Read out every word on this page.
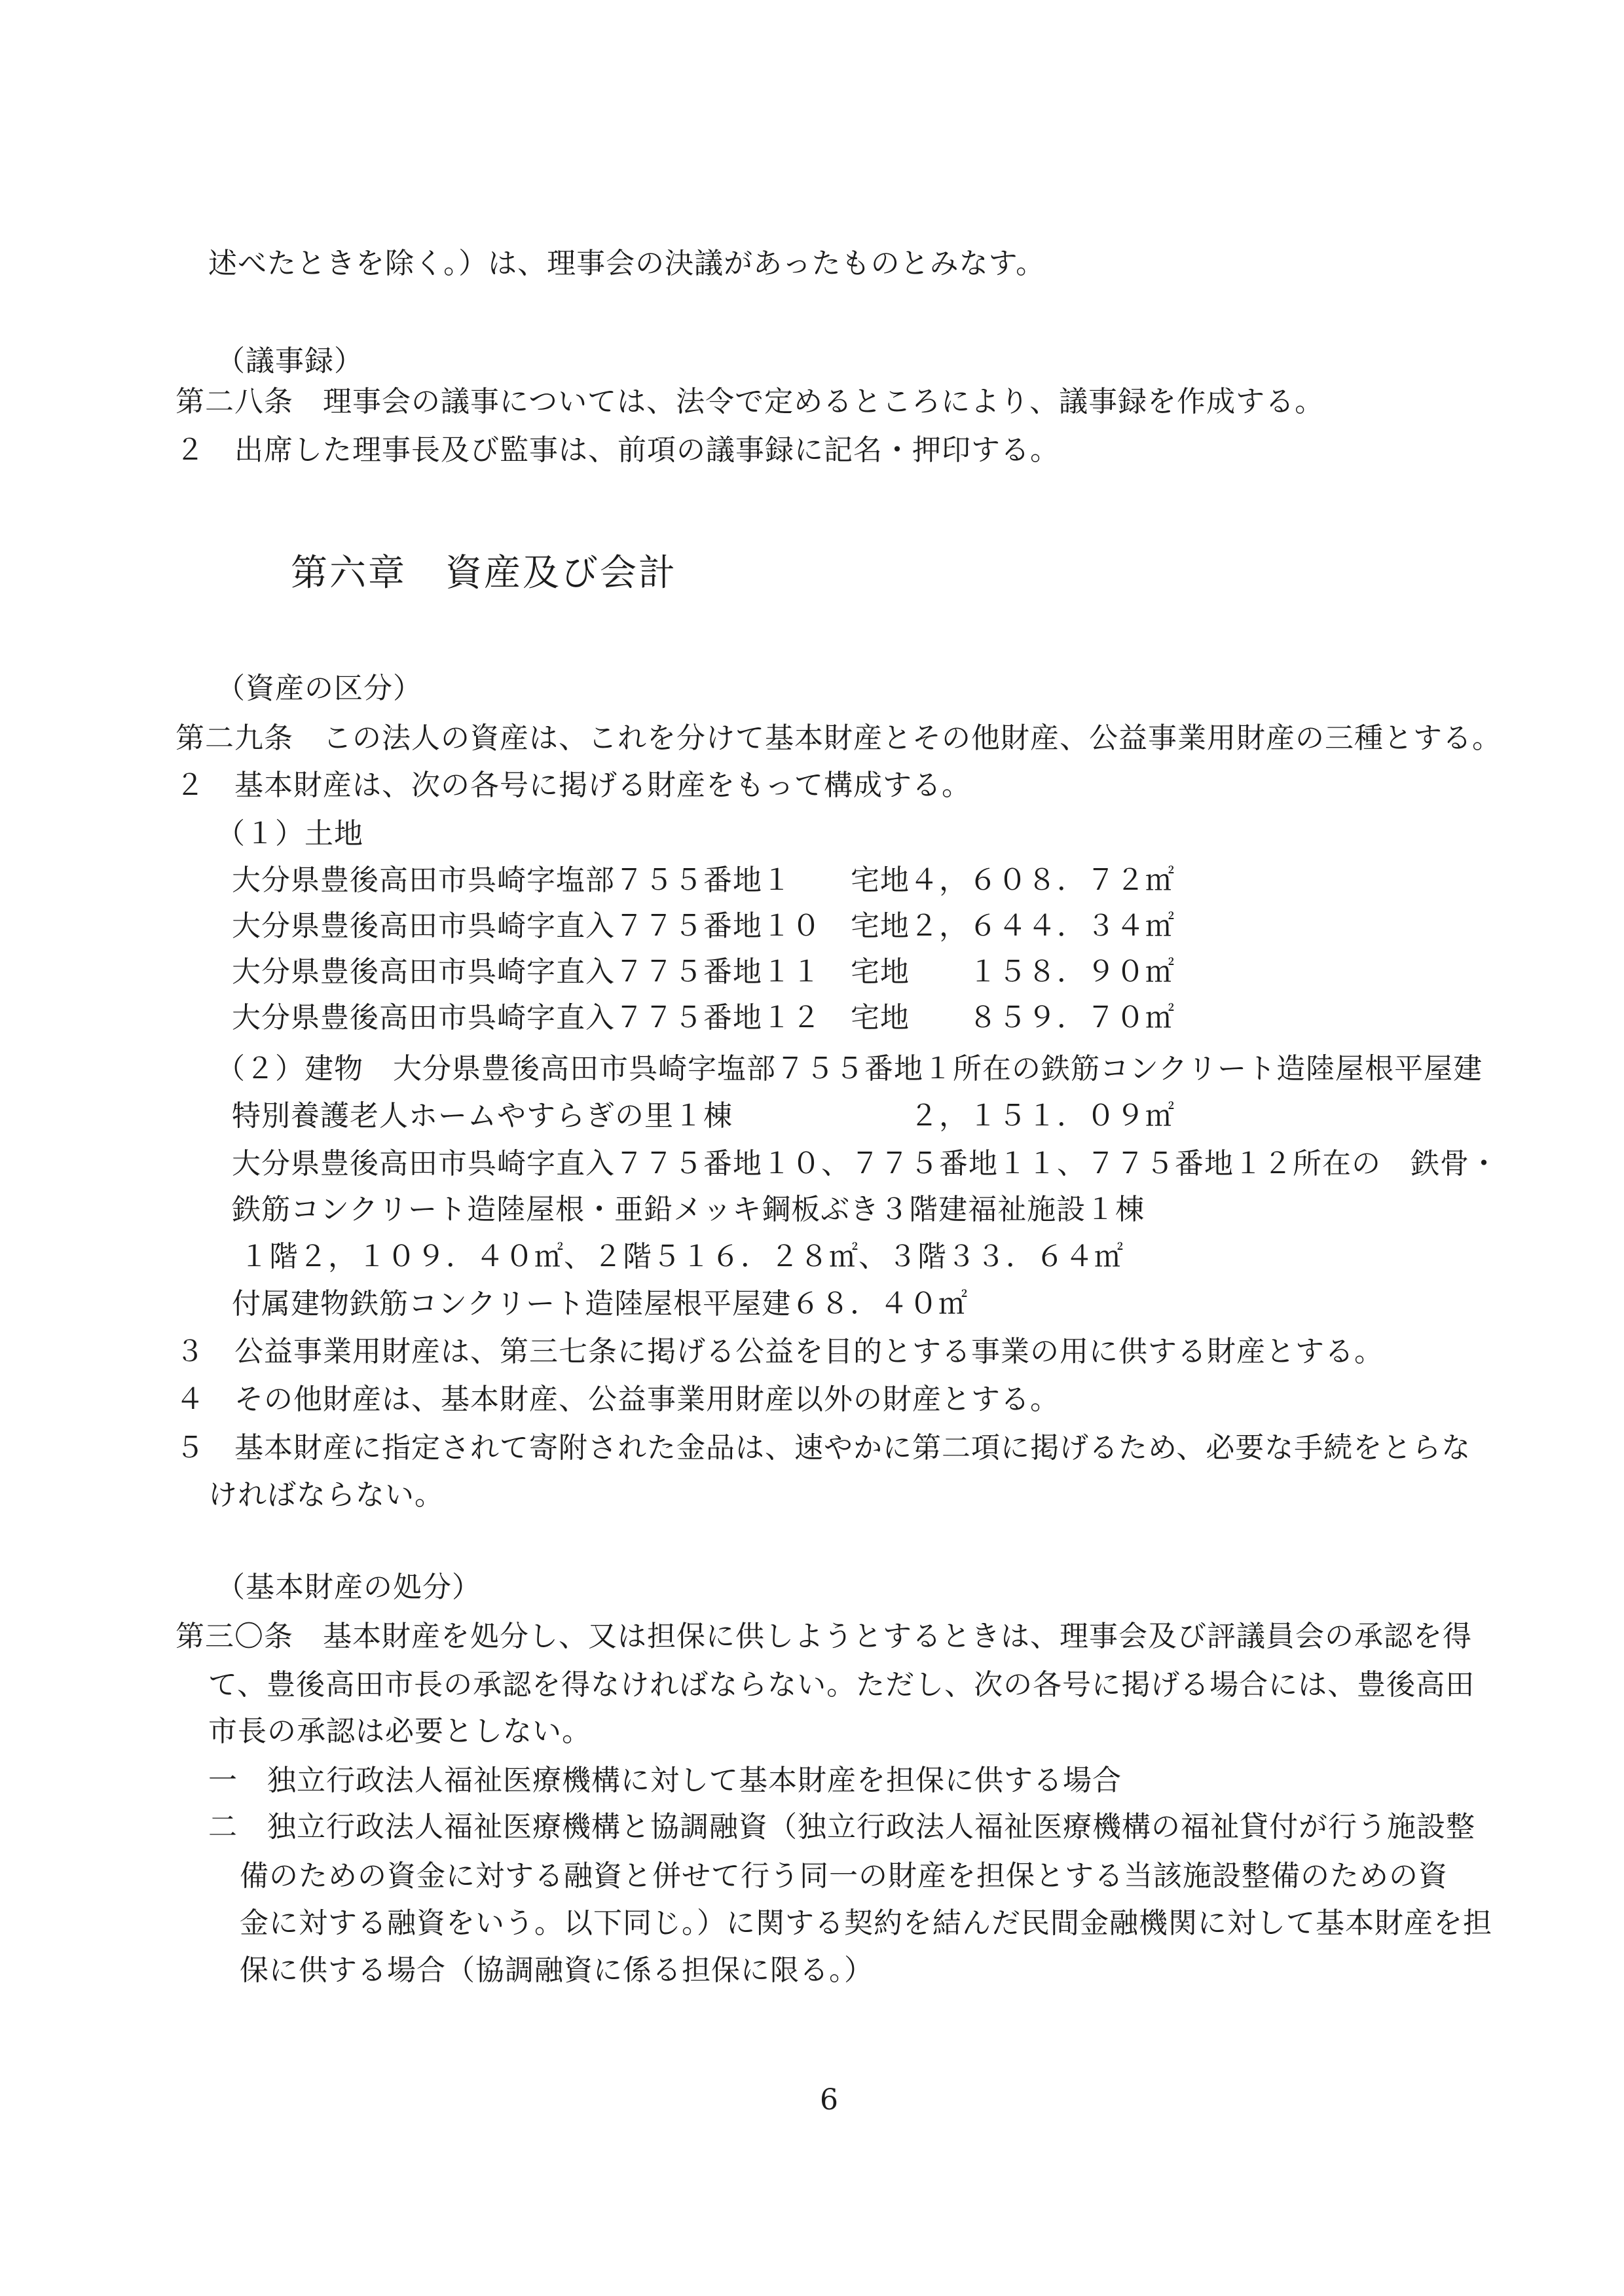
述べたときを除く。）は、理事会の決議があったものとみなす。
（議事録）
第二八条　理事会の議事については、法令で定めるところにより、議事録を作成する。
２　出席した理事長及び監事は、前項の議事録に記名・押印する。
第六章　資産及び会計
（資産の区分）
第二九条　この法人の資産は、これを分けて基本財産とその他財産、公益事業用財産の三種とする。
２　基本財産は、次の各号に掲げる財産をもって構成する。
（１）土地
大分県豊後高田市呉崎字塩部７５５番地１　　宅地４，６０８．７２㎡
大分県豊後高田市呉崎字直入７７５番地１０　宅地２，６４４．３４㎡
大分県豊後高田市呉崎字直入７７５番地１１　宅地　　１５８．９０㎡
大分県豊後高田市呉崎字直入７７５番地１２　宅地　　８５９．７０㎡
（２）建物　大分県豊後高田市呉崎字塩部７５５番地１所在の鉄筋コンクリート造陸屋根平屋建
特別養護老人ホームやすらぎの里１棟　　　　　　２，１５１．０９㎡
大分県豊後高田市呉崎字直入７７５番地１０、７７５番地１１、７７５番地１２所在の　鉄骨・
鉄筋コンクリート造陸屋根・亜鉛メッキ鋼板ぶき３階建福祉施設１棟
１階２，１０９．４０㎡、２階５１６．２８㎡、３階３３．６４㎡
付属建物鉄筋コンクリート造陸屋根平屋建６８．４０㎡
３　公益事業用財産は、第三七条に掲げる公益を目的とする事業の用に供する財産とする。
４　その他財産は、基本財産、公益事業用財産以外の財産とする。
５　基本財産に指定されて寄附された金品は、速やかに第二項に掲げるため、必要な手続をとらな
ければならない。
（基本財産の処分）
第三〇条　基本財産を処分し、又は担保に供しようとするときは、理事会及び評議員会の承認を得
て、豊後高田市長の承認を得なければならない。ただし、次の各号に掲げる場合には、豊後高田
市長の承認は必要としない。
一　独立行政法人福祉医療機構に対して基本財産を担保に供する場合
二　独立行政法人福祉医療機構と協調融資（独立行政法人福祉医療機構の福祉貸付が行う施設整
備のための資金に対する融資と併せて行う同一の財産を担保とする当該施設整備のための資
金に対する融資をいう。以下同じ。）に関する契約を結んだ民間金融機関に対して基本財産を担
保に供する場合（協調融資に係る担保に限る。）
6
